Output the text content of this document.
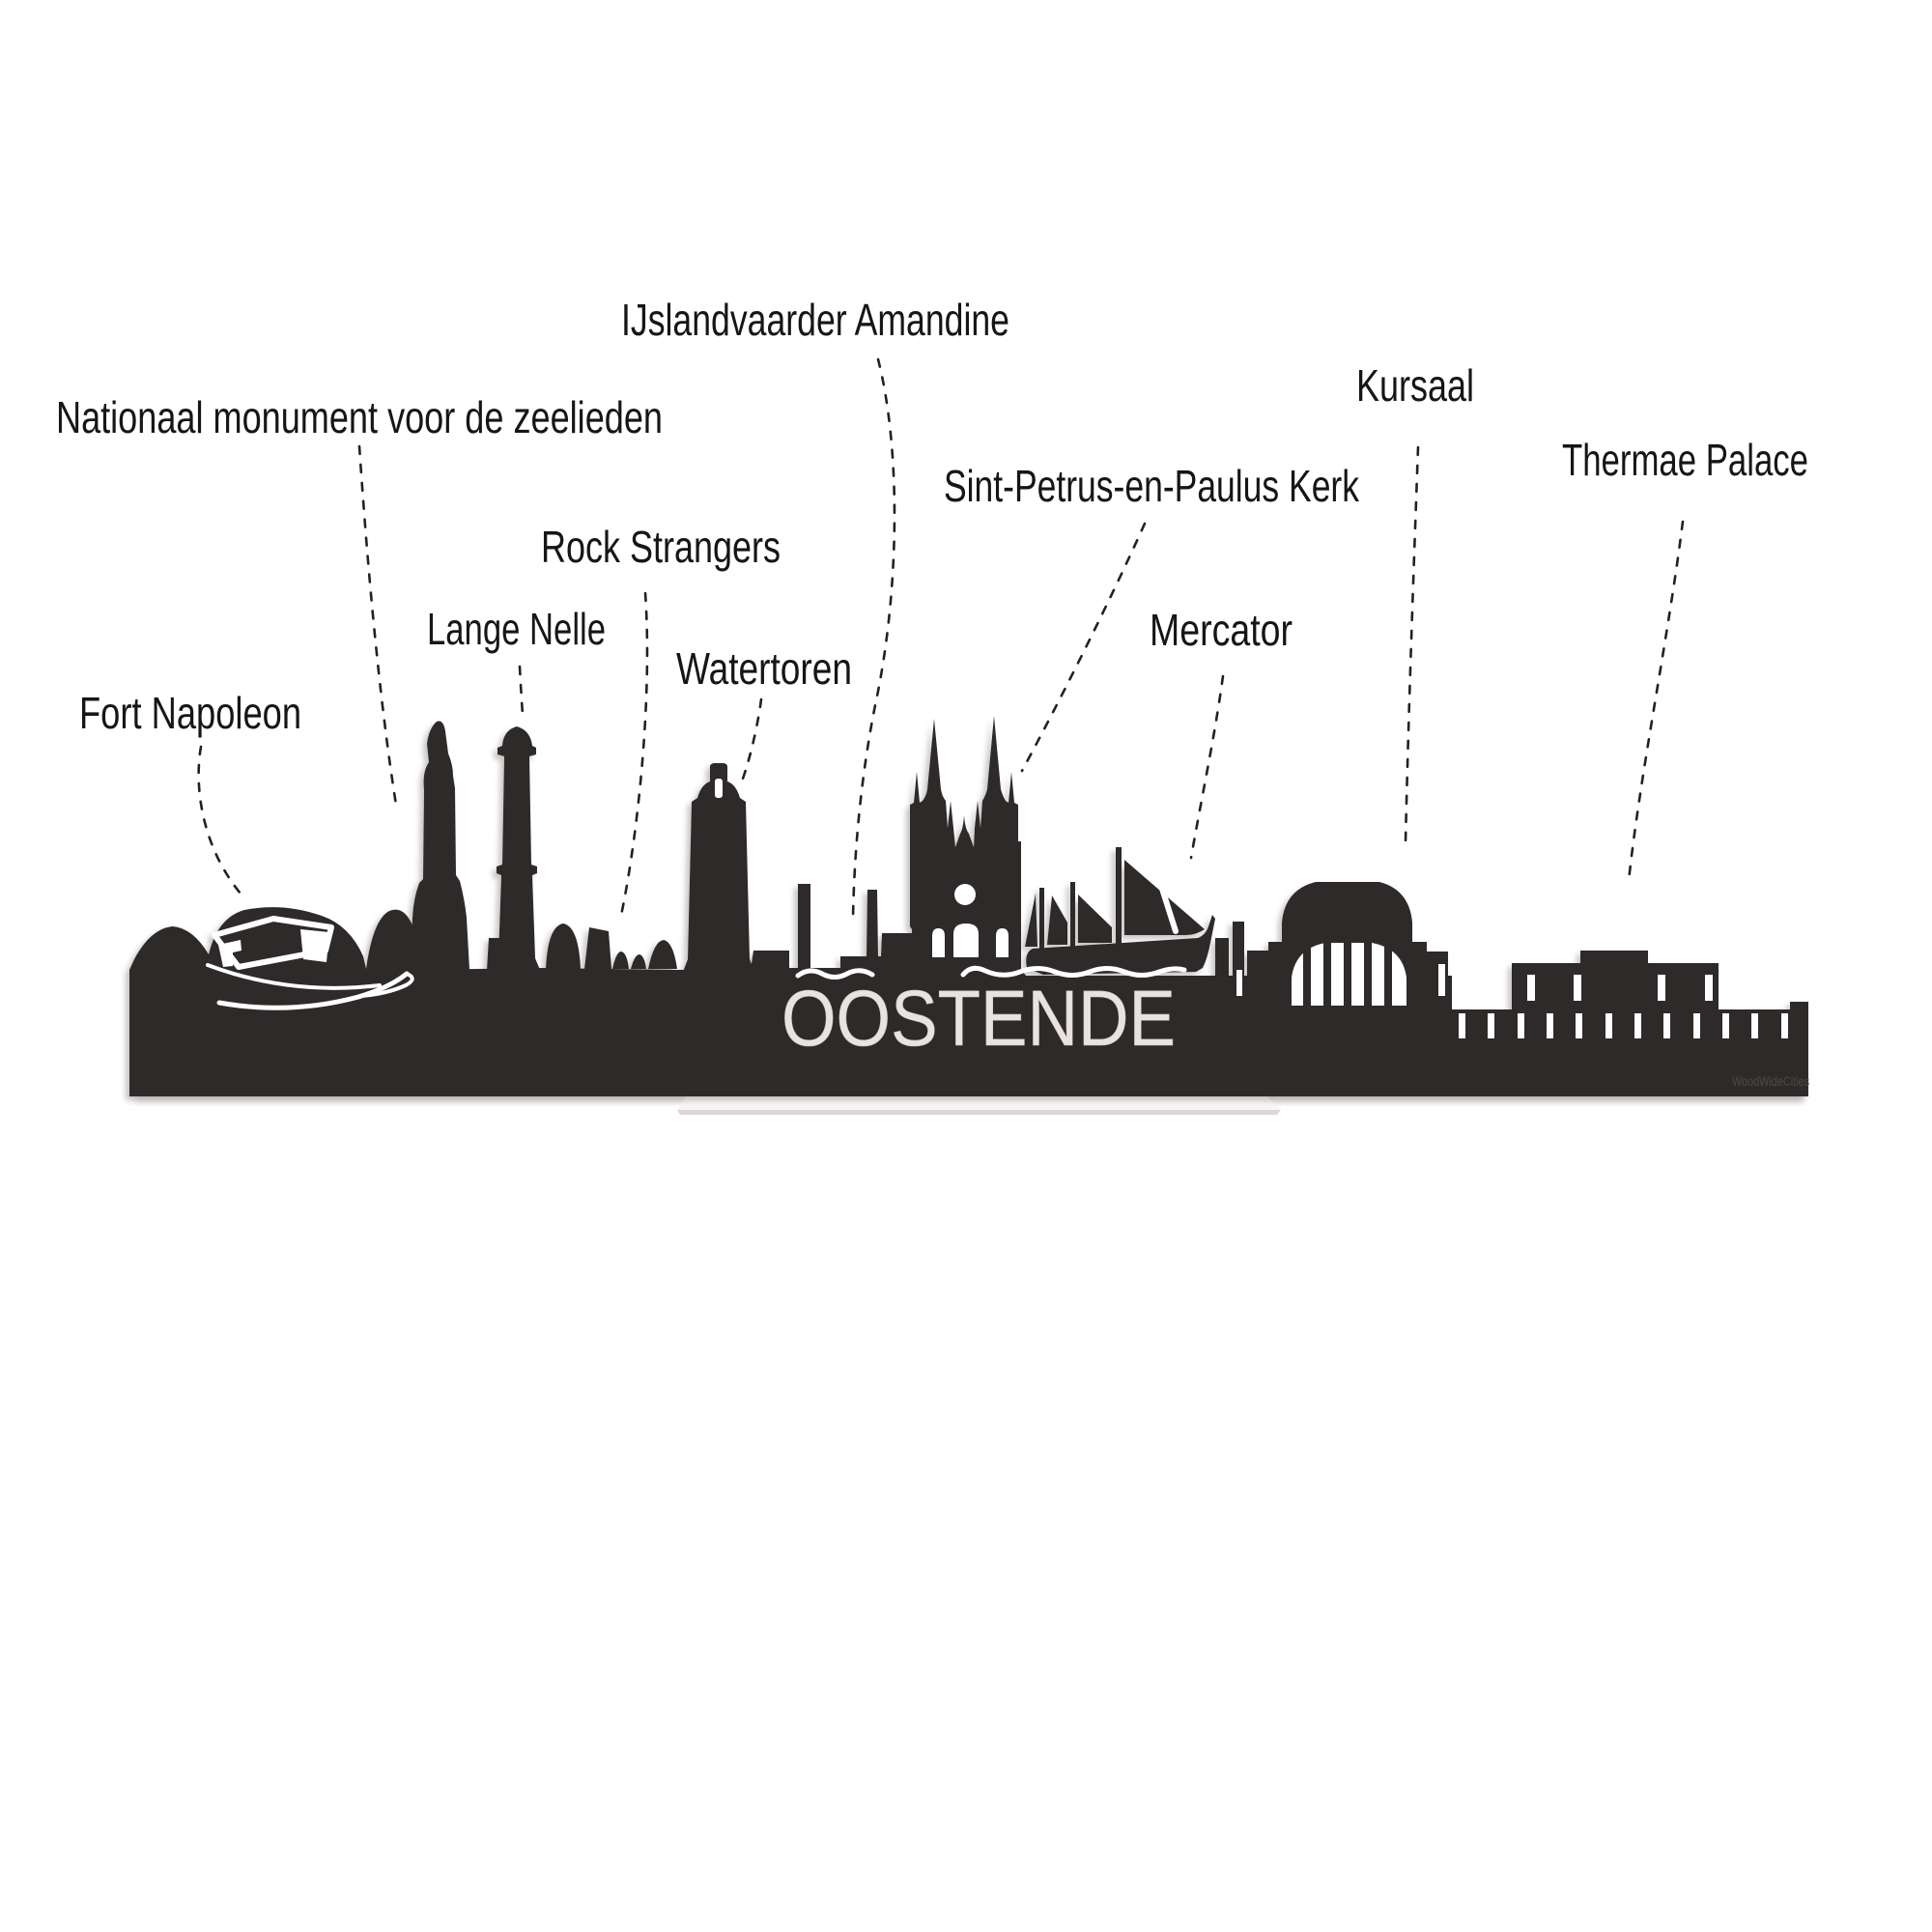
OOSTENDE
WoodWideCities
Nationaal monument voor de zeelieden
IJslandvaarder Amandine
Kursaal
Thermae Palace
Sint-Petrus-en-Paulus Kerk
Rock Strangers
Lange Nelle	Mercator
Watertoren
Fort Napoleon
